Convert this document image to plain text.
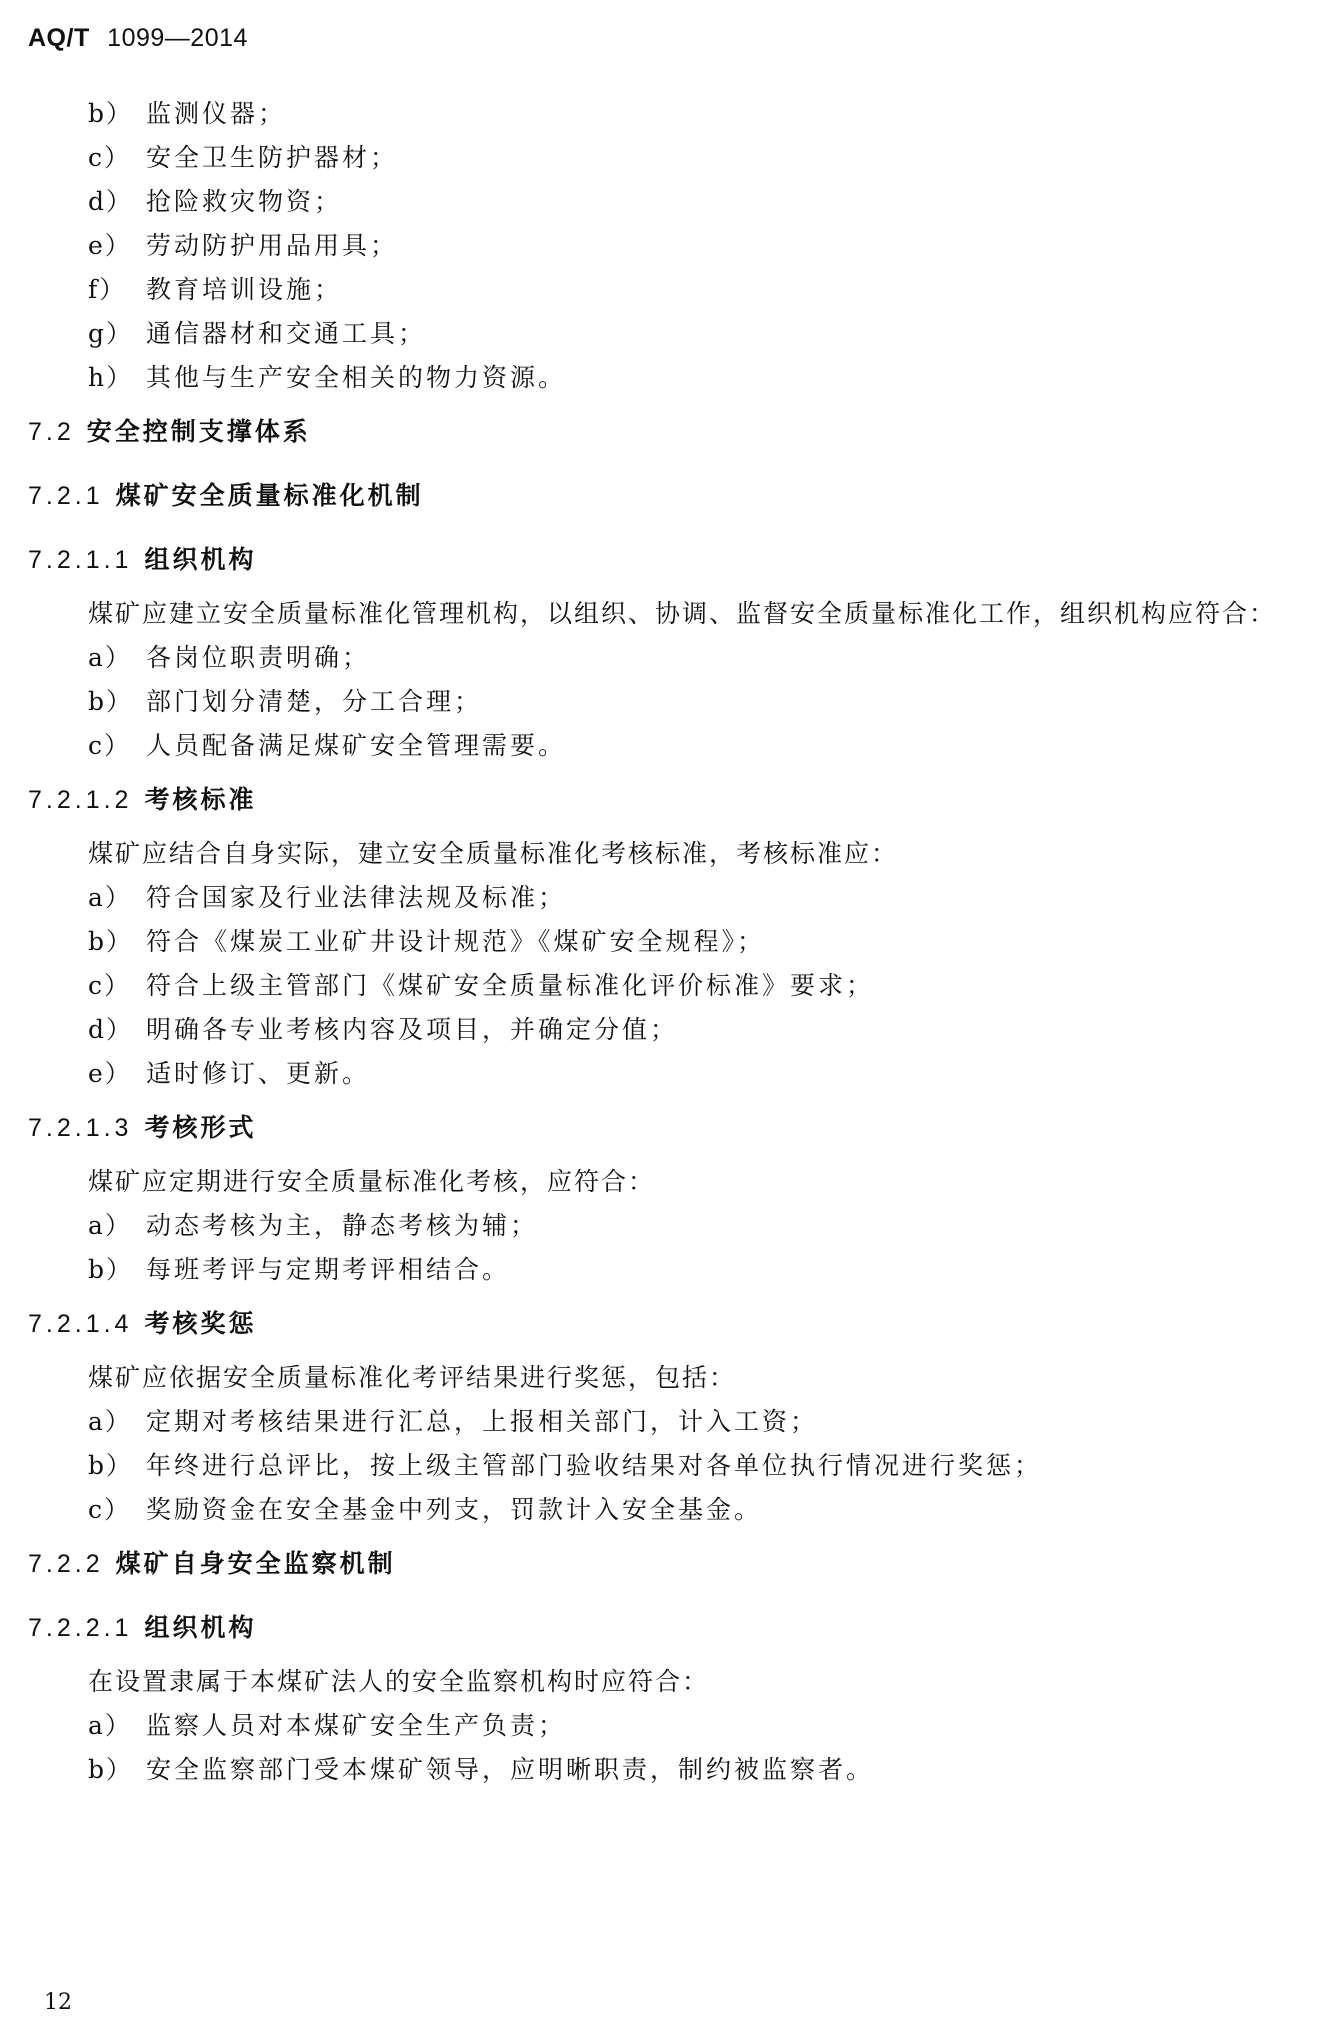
AQ/T 1099—2014
b） 监测仪器；
c） 安全卫生防护器材；
d） 抢险救灾物资；
e） 劳动防护用品用具；
f） 教育培训设施；
g） 通信器材和交通工具；
h） 其他与生产安全相关的物力资源。
7.2 安全控制支撑体系
7.2.1 煤矿安全质量标准化机制
7.2.1.1 组织机构
煤矿应建立安全质量标准化管理机构，以组织、协调、监督安全质量标准化工作，组织机构应符合：
a） 各岗位职责明确；
b） 部门划分清楚，分工合理；
c） 人员配备满足煤矿安全管理需要。
7.2.1.2 考核标准
煤矿应结合自身实际，建立安全质量标准化考核标准，考核标准应：
a） 符合国家及行业法律法规及标准；
b） 符合《煤炭工业矿井设计规范》《煤矿安全规程》；
c） 符合上级主管部门《煤矿安全质量标准化评价标准》要求；
d） 明确各专业考核内容及项目，并确定分值；
e） 适时修订、更新。
7.2.1.3 考核形式
煤矿应定期进行安全质量标准化考核，应符合：
a） 动态考核为主，静态考核为辅；
b） 每班考评与定期考评相结合。
7.2.1.4 考核奖惩
煤矿应依据安全质量标准化考评结果进行奖惩，包括：
a） 定期对考核结果进行汇总，上报相关部门，计入工资；
b） 年终进行总评比，按上级主管部门验收结果对各单位执行情况进行奖惩；
c） 奖励资金在安全基金中列支，罚款计入安全基金。
7.2.2 煤矿自身安全监察机制
7.2.2.1 组织机构
在设置隶属于本煤矿法人的安全监察机构时应符合：
a） 监察人员对本煤矿安全生产负责；
b） 安全监察部门受本煤矿领导，应明晰职责，制约被监察者。
12
